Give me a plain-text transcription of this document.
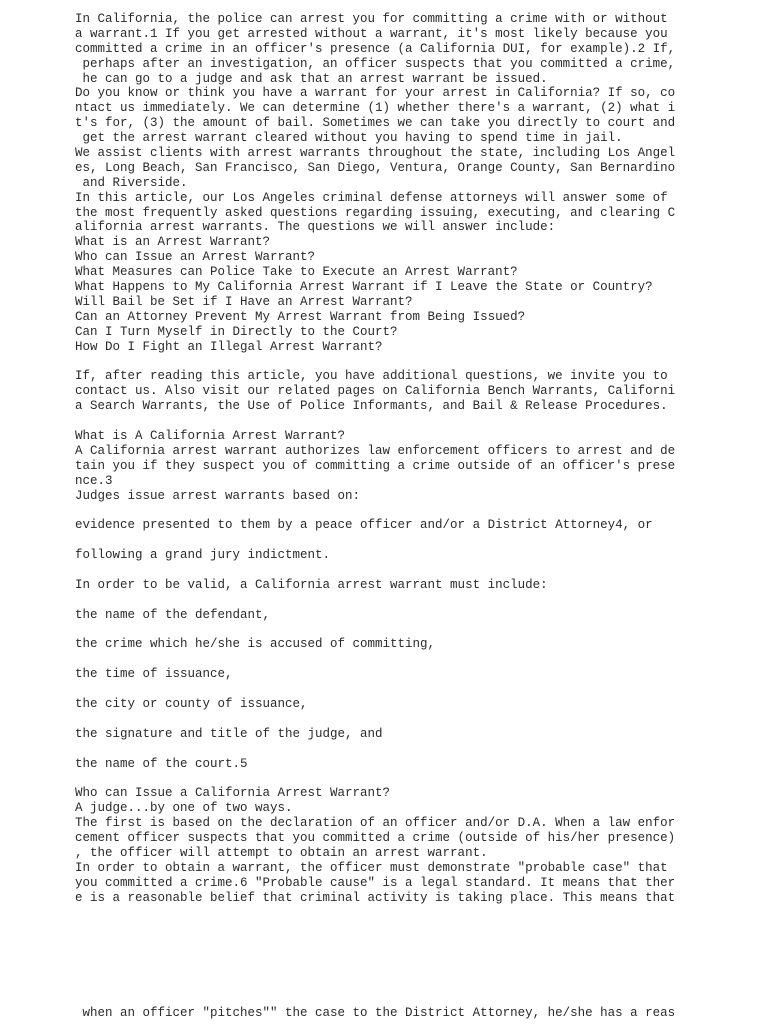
In California, the police can arrest you for committing a crime with or without
a warrant.1 If you get arrested without a warrant, it's most likely because you
committed a crime in an officer's presence (a California DUI, for example).2 If,
perhaps after an investigation, an officer suspects that you committed a crime,
he can go to a judge and ask that an arrest warrant be issued.
Do you know or think you have a warrant for your arrest in California? If so, co
ntact us immediately. We can determine (1) whether there's a warrant, (2) what i
t's for, (3) the amount of bail. Sometimes we can take you directly to court and
get the arrest warrant cleared without you having to spend time in jail.
We assist clients with arrest warrants throughout the state, including Los Angel
es, Long Beach, San Francisco, San Diego, Ventura, Orange County, San Bernardino
and Riverside.
In this article, our Los Angeles criminal defense attorneys will answer some of
the most frequently asked questions regarding issuing, executing, and clearing C
alifornia arrest warrants. The questions we will answer include:
What is an Arrest Warrant?
Who can Issue an Arrest Warrant?
What Measures can Police Take to Execute an Arrest Warrant?
What Happens to My California Arrest Warrant if I Leave the State or Country?
Will Bail be Set if I Have an Arrest Warrant?
Can an Attorney Prevent My Arrest Warrant from Being Issued?
Can I Turn Myself in Directly to the Court?
How Do I Fight an Illegal Arrest Warrant?
If, after reading this article, you have additional questions, we invite you to
contact us. Also visit our related pages on California Bench Warrants, Californi
a Search Warrants, the Use of Police Informants, and Bail & Release Procedures.
What is A California Arrest Warrant?
A California arrest warrant authorizes law enforcement officers to arrest and de
tain you if they suspect you of committing a crime outside of an officer's prese
nce.3
Judges issue arrest warrants based on:
evidence presented to them by a peace officer and/or a District Attorney4, or
following a grand jury indictment.
In order to be valid, a California arrest warrant must include:
the name of the defendant,
the crime which he/she is accused of committing,
the time of issuance,
the city or county of issuance,
the signature and title of the judge, and
the name of the court.5
Who can Issue a California Arrest Warrant?
A judge...by one of two ways.
The first is based on the declaration of an officer and/or D.A. When a law enfor
cement officer suspects that you committed a crime (outside of his/her presence)
, the officer will attempt to obtain an arrest warrant.
In order to obtain a warrant, the officer must demonstrate "probable case" that
you committed a crime.6 "Probable cause" is a legal standard. It means that ther
e is a reasonable belief that criminal activity is taking place. This means that
when an officer "pitches"" the case to the District Attorney, he/she has a reas
